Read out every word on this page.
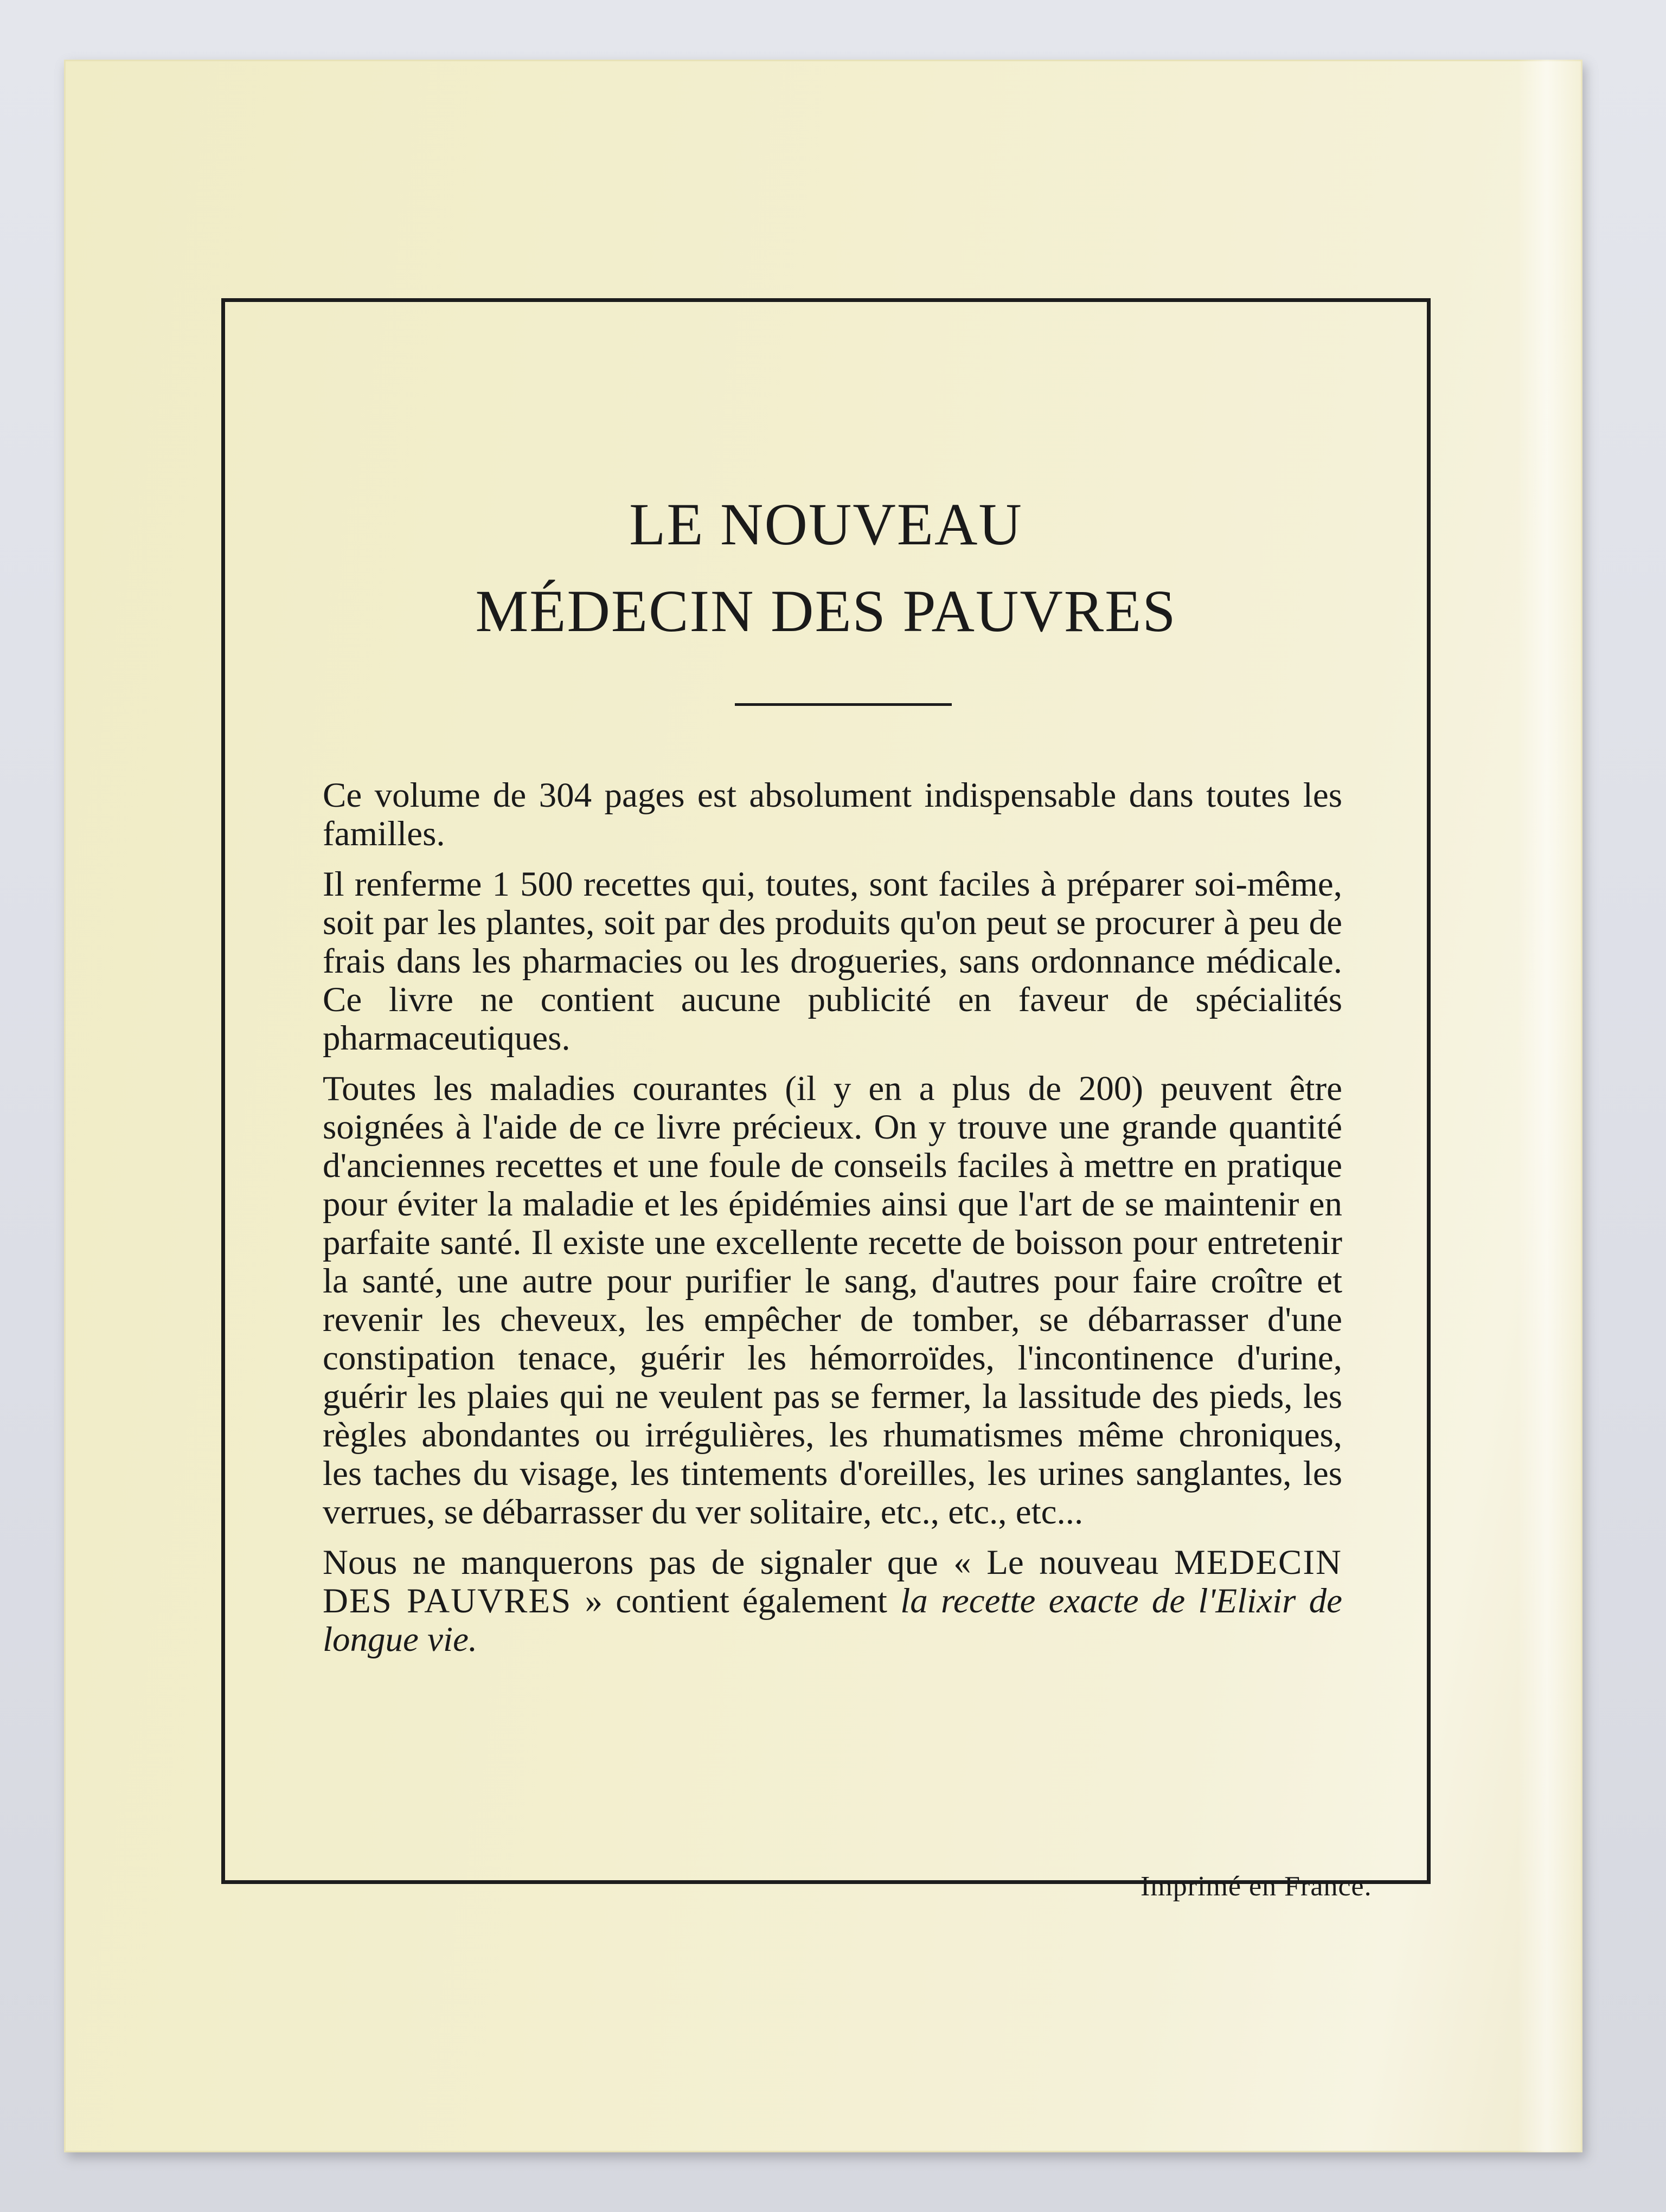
LE NOUVEAU
MÉDECIN DES PAUVRES

Ce volume de 304 pages est absolument indispensable dans toutes les familles.

Il renferme 1 500 recettes qui, toutes, sont faciles à préparer soi-même, soit par les plantes, soit par des produits qu'on peut se procurer à peu de frais dans les pharmacies ou les drogueries, sans ordonnance médicale. Ce livre ne contient aucune publicité en faveur de spécialités pharmaceutiques.

Toutes les maladies courantes (il y en a plus de 200) peuvent être soignées à l'aide de ce livre précieux. On y trouve une grande quantité d'anciennes recettes et une foule de conseils faciles à mettre en pratique pour éviter la maladie et les épidémies ainsi que l'art de se maintenir en parfaite santé. Il existe une excellente recette de boisson pour entretenir la santé, une autre pour purifier le sang, d'autres pour faire croître et revenir les cheveux, les empêcher de tomber, se débarrasser d'une constipation tenace, guérir les hémorroïdes, l'incontinence d'urine, guérir les plaies qui ne veulent pas se fermer, la lassitude des pieds, les règles abondantes ou irrégulières, les rhumatismes même chroniques, les taches du visage, les tintements d'oreilles, les urines sanglantes, les verrues, se débarrasser du ver solitaire, etc., etc., etc...

Nous ne manquerons pas de signaler que « Le nouveau MEDECIN DES PAUVRES » contient également la recette exacte de l'Elixir de longue vie.

Imprimé en France.
